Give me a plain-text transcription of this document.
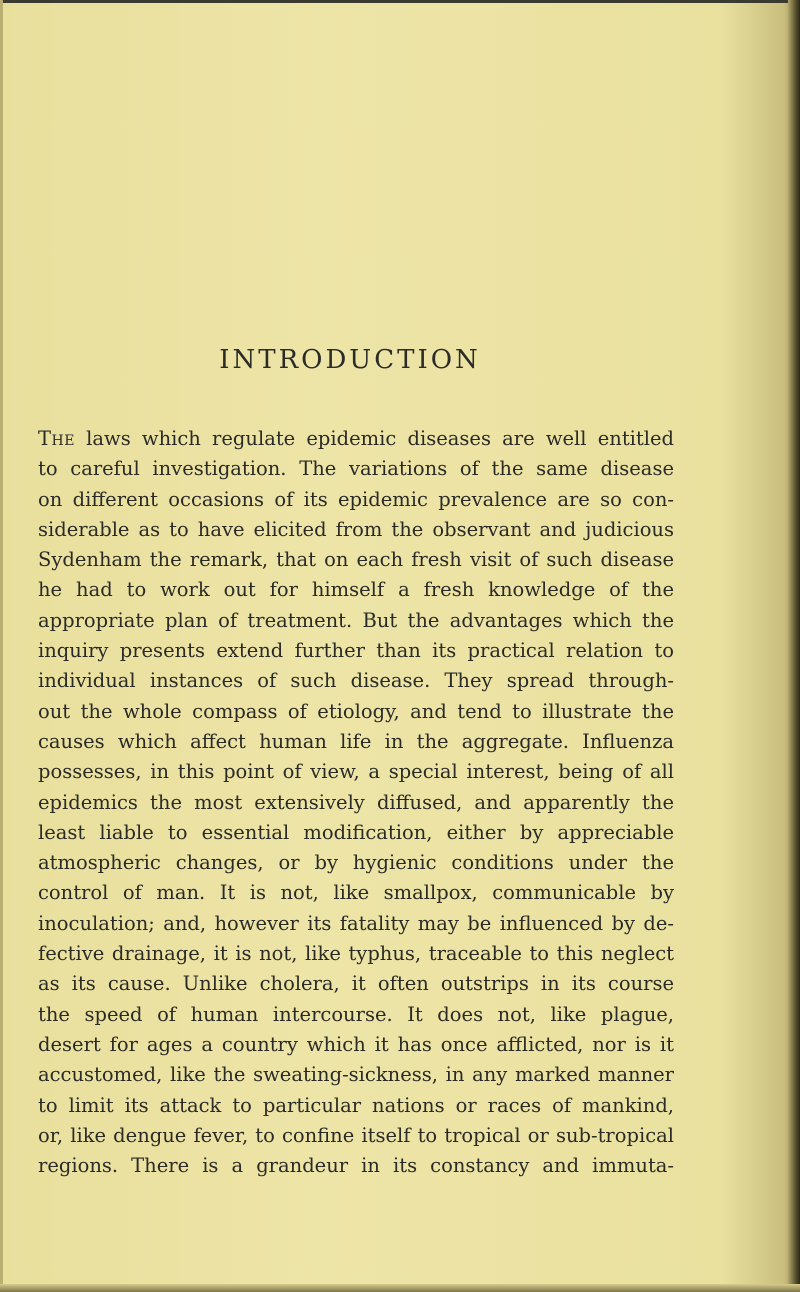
INTRODUCTION
The laws which regulate epidemic diseases are well entitled
to careful investigation. The variations of the same disease
on different occasions of its epidemic prevalence are so con-
siderable as to have elicited from the observant and judicious
Sydenham the remark, that on each fresh visit of such disease
he had to work out for himself a fresh knowledge of the
appropriate plan of treatment. But the advantages which the
inquiry presents extend further than its practical relation to
individual instances of such disease. They spread through-
out the whole compass of etiology, and tend to illustrate the
causes which affect human life in the aggregate. Influenza
possesses, in this point of view, a special interest, being of all
epidemics the most extensively diffused, and apparently the
least liable to essential modification, either by appreciable
atmospheric changes, or by hygienic conditions under the
control of man. It is not, like smallpox, communicable by
inoculation; and, however its fatality may be influenced by de-
fective drainage, it is not, like typhus, traceable to this neglect
as its cause. Unlike cholera, it often outstrips in its course
the speed of human intercourse. It does not, like plague,
desert for ages a country which it has once afflicted, nor is it
accustomed, like the sweating-sickness, in any marked manner
to limit its attack to particular nations or races of mankind,
or, like dengue fever, to confine itself to tropical or sub-tropical
regions. There is a grandeur in its constancy and immuta-
